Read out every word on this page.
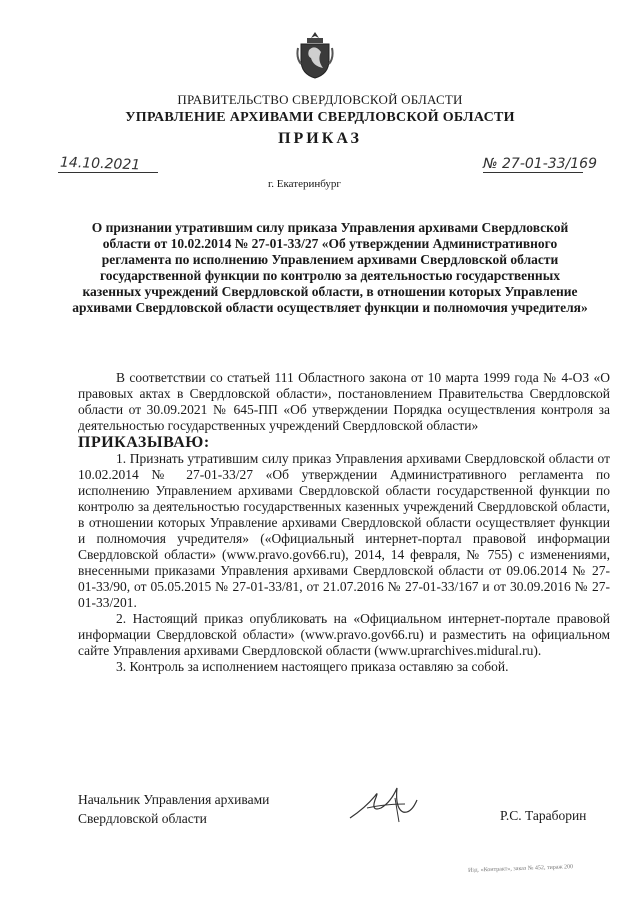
ПРАВИТЕЛЬСТВО СВЕРДЛОВСКОЙ ОБЛАСТИ
УПРАВЛЕНИЕ АРХИВАМИ СВЕРДЛОВСКОЙ ОБЛАСТИ
ПРИКАЗ
14.10.2021	№ 27-01-33/169
г. Екатеринбург
О признании утратившим силу приказа Управления архивами Свердловской области от 10.02.2014 № 27-01-33/27 «Об утверждении Административного регламента по исполнению Управлением архивами Свердловской области государственной функции по контролю за деятельностью государственных казенных учреждений Свердловской области, в отношении которых Управление архивами Свердловской области осуществляет функции и полномочия учредителя»

В соответствии со статьей 111 Областного закона от 10 марта 1999 года № 4-ОЗ «О правовых актах в Свердловской области», постановлением Правительства Свердловской области от 30.09.2021 № 645-ПП «Об утверждении Порядка осуществления контроля за деятельностью государственных учреждений Свердловской области»

ПРИКАЗЫВАЮ:

1. Признать утратившим силу приказ Управления архивами Свердловской области от 10.02.2014 № 27-01-33/27 «Об утверждении Административного регламента по исполнению Управлением архивами Свердловской области государственной функции по контролю за деятельностью государственных казенных учреждений Свердловской области, в отношении которых Управление архивами Свердловской области осуществляет функции и полномочия учредителя» («Официальный интернет-портал правовой информации Свердловской области» (www.pravo.gov66.ru), 2014, 14 февраля, № 755) с изменениями, внесенными приказами Управления архивами Свердловской области от 09.06.2014 № 27-01-33/90, от 05.05.2015 № 27-01-33/81, от 21.07.2016 № 27-01-33/167 и от 30.09.2016 № 27-01-33/201.

2. Настоящий приказ опубликовать на «Официальном интернет-портале правовой информации Свердловской области» (www.pravo.gov66.ru) и разместить на официальном сайте Управления архивами Свердловской области (www.uprarchives.midural.ru).

3. Контроль за исполнением настоящего приказа оставляю за собой.

Начальник Управления архивами
Свердловской области	Р.С. Тараборин
Изд. «Контракт», заказ № 452, тираж 200
